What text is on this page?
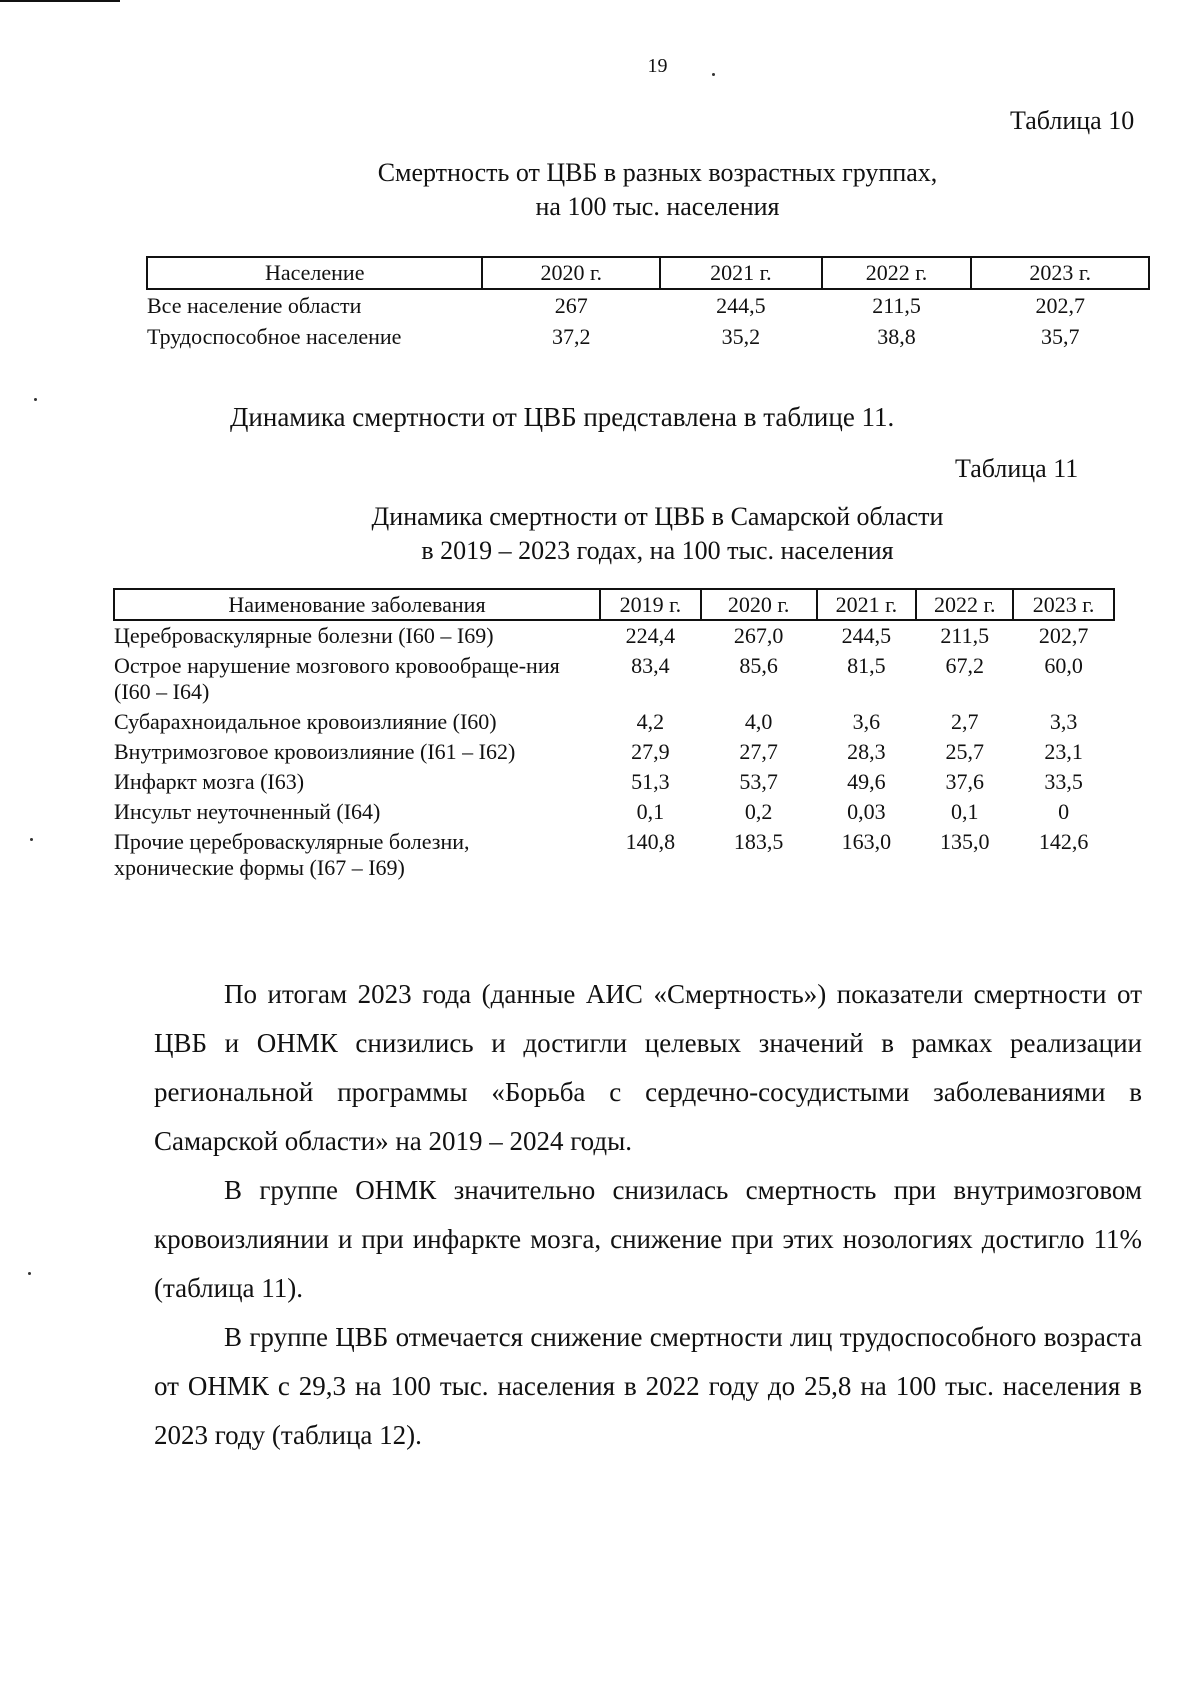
19
Таблица 10
Смертность от ЦВБ в разных возрастных группах,
на 100 тыс. населения
Население	2020 г.	2021 г.	2022 г.	2023 г.
Все население области	267	244,5	211,5	202,7
Трудоспособное население	37,2	35,2	38,8	35,7
Динамика смертности от ЦВБ представлена в таблице 11.
Таблица 11
Динамика смертности от ЦВБ в Самарской области
в 2019 – 2023 годах, на 100 тыс. населения
Наименование заболевания	2019 г.	2020 г.	2021 г.	2022 г.	2023 г.
Цереброваскулярные болезни (I60 – I69)	224,4	267,0	244,5	211,5	202,7
Острое нарушение мозгового кровообраще-ния (I60 – I64)	83,4	85,6	81,5	67,2	60,0
Субарахноидальное кровоизлияние (I60)	4,2	4,0	3,6	2,7	3,3
Внутримозговое кровоизлияние (I61 – I62)	27,9	27,7	28,3	25,7	23,1
Инфаркт мозга (I63)	51,3	53,7	49,6	37,6	33,5
Инсульт неуточненный (I64)	0,1	0,2	0,03	0,1	0
Прочие цереброваскулярные болезни, хронические формы (I67 – I69)	140,8	183,5	163,0	135,0	142,6

По итогам 2023 года (данные АИС «Смертность») показатели смертности от ЦВБ и ОНМК снизились и достигли целевых значений в рамках реализации региональной программы «Борьба с сердечно-сосудистыми заболеваниями в Самарской области» на 2019 – 2024 годы.

В группе ОНМК значительно снизилась смертность при внутримозговом кровоизлиянии и при инфаркте мозга, снижение при этих нозологиях достигло 11% (таблица 11).

В группе ЦВБ отмечается снижение смертности лиц трудоспособного возраста от ОНМК с 29,3 на 100 тыс. населения в 2022 году до 25,8 на 100 тыс. населения в 2023 году (таблица 12).
